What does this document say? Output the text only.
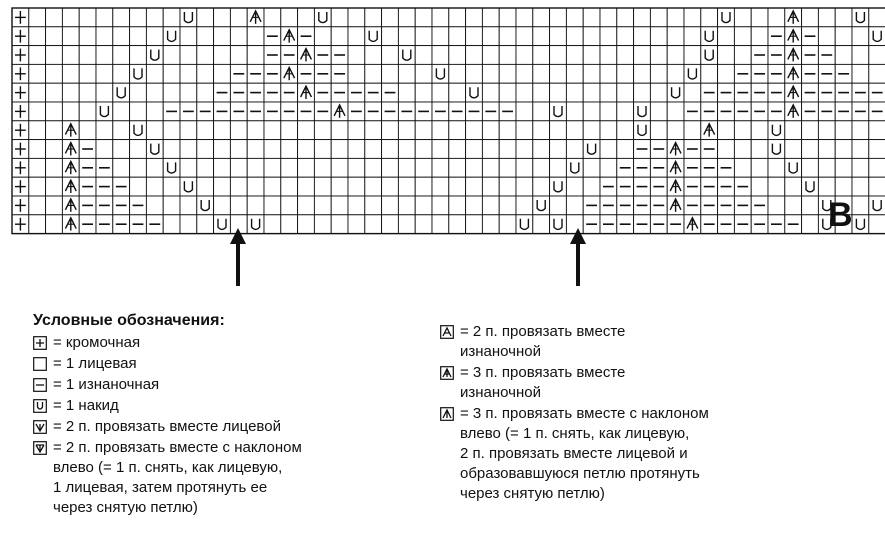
B
Условные обозначения:
= кромочная
= 1 лицевая
= 1 изнаночная
= 1 накид
= 2 п. провязать вместе лицевой
= 2 п. провязать вместе с наклоном
влево (= 1 п. снять, как лицевую,
1 лицевая, затем протянуть ее
через снятую петлю)
= 2 п. провязать вместе
изнаночной
= 3 п. провязать вместе
изнаночной
= 3 п. провязать вместе с наклоном
влево (= 1 п. снять, как лицевую,
2 п. провязать вместе лицевой и
образовавшуюся петлю протянуть
через снятую петлю)
